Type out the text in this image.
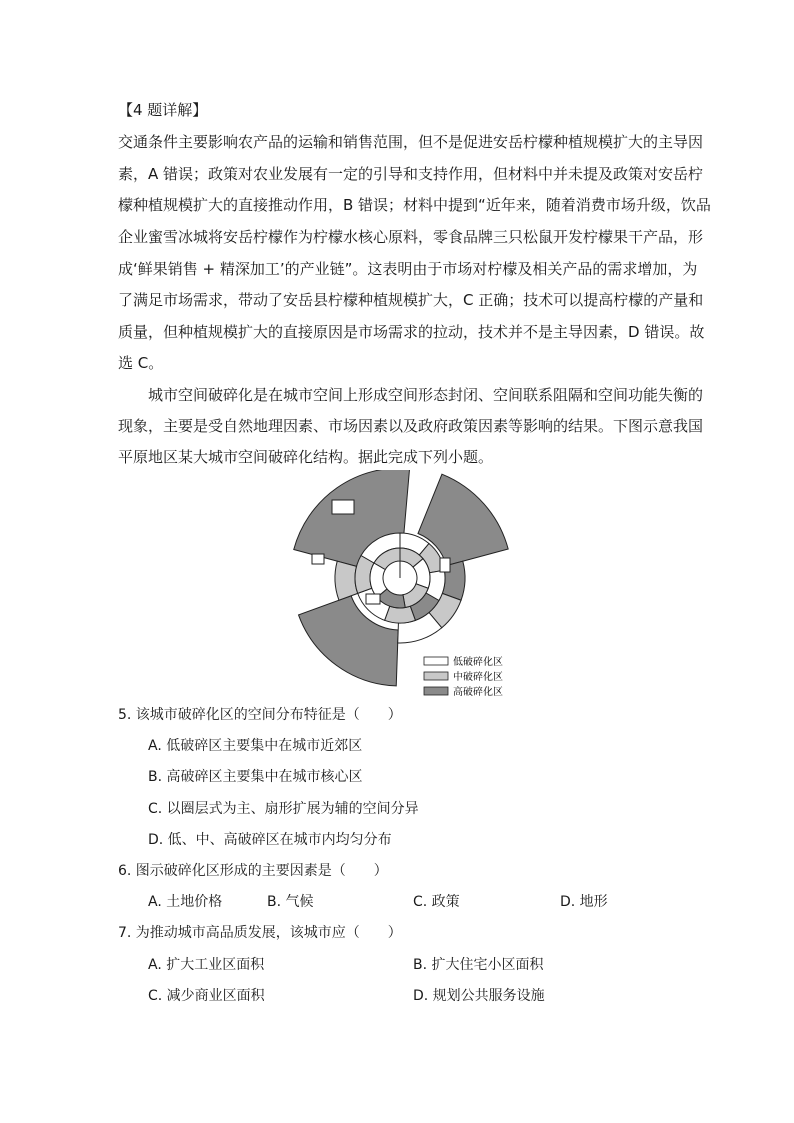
【4 题详解】
交通条件主要影响农产品的运输和销售范围，但不是促进安岳柠檬种植规模扩大的主导因
素，A 错误；政策对农业发展有一定的引导和支持作用，但材料中并未提及政策对安岳柠
檬种植规模扩大的直接推动作用，B 错误；材料中提到“近年来，随着消费市场升级，饮品
企业蜜雪冰城将安岳柠檬作为柠檬水核心原料，零食品牌三只松鼠开发柠檬果干产品，形
成‘鲜果销售 + 精深加工’的产业链”。这表明由于市场对柠檬及相关产品的需求增加，为
了满足市场需求，带动了安岳县柠檬种植规模扩大，C 正确；技术可以提高柠檬的产量和
质量，但种植规模扩大的直接原因是市场需求的拉动，技术并不是主导因素，D 错误。故
选 C。
城市空间破碎化是在城市空间上形成空间形态封闭、空间联系阻隔和空间功能失衡的
现象，主要是受自然地理因素、市场因素以及政府政策因素等影响的结果。下图示意我国
平原地区某大城市空间破碎化结构。据此完成下列小题。
低破碎化区
中破碎化区
高破碎化区
5. 该城市破碎化区的空间分布特征是（　　）
A. 低破碎区主要集中在城市近郊区
B. 高破碎区主要集中在城市核心区
C. 以圈层式为主、扇形扩展为辅的空间分异
D. 低、中、高破碎区在城市内均匀分布
6. 图示破碎化区形成的主要因素是（　　）
A. 土地价格	B. 气候	C. 政策	D. 地形
7. 为推动城市高品质发展，该城市应（　　）
A. 扩大工业区面积	B. 扩大住宅小区面积
C. 减少商业区面积	D. 规划公共服务设施
